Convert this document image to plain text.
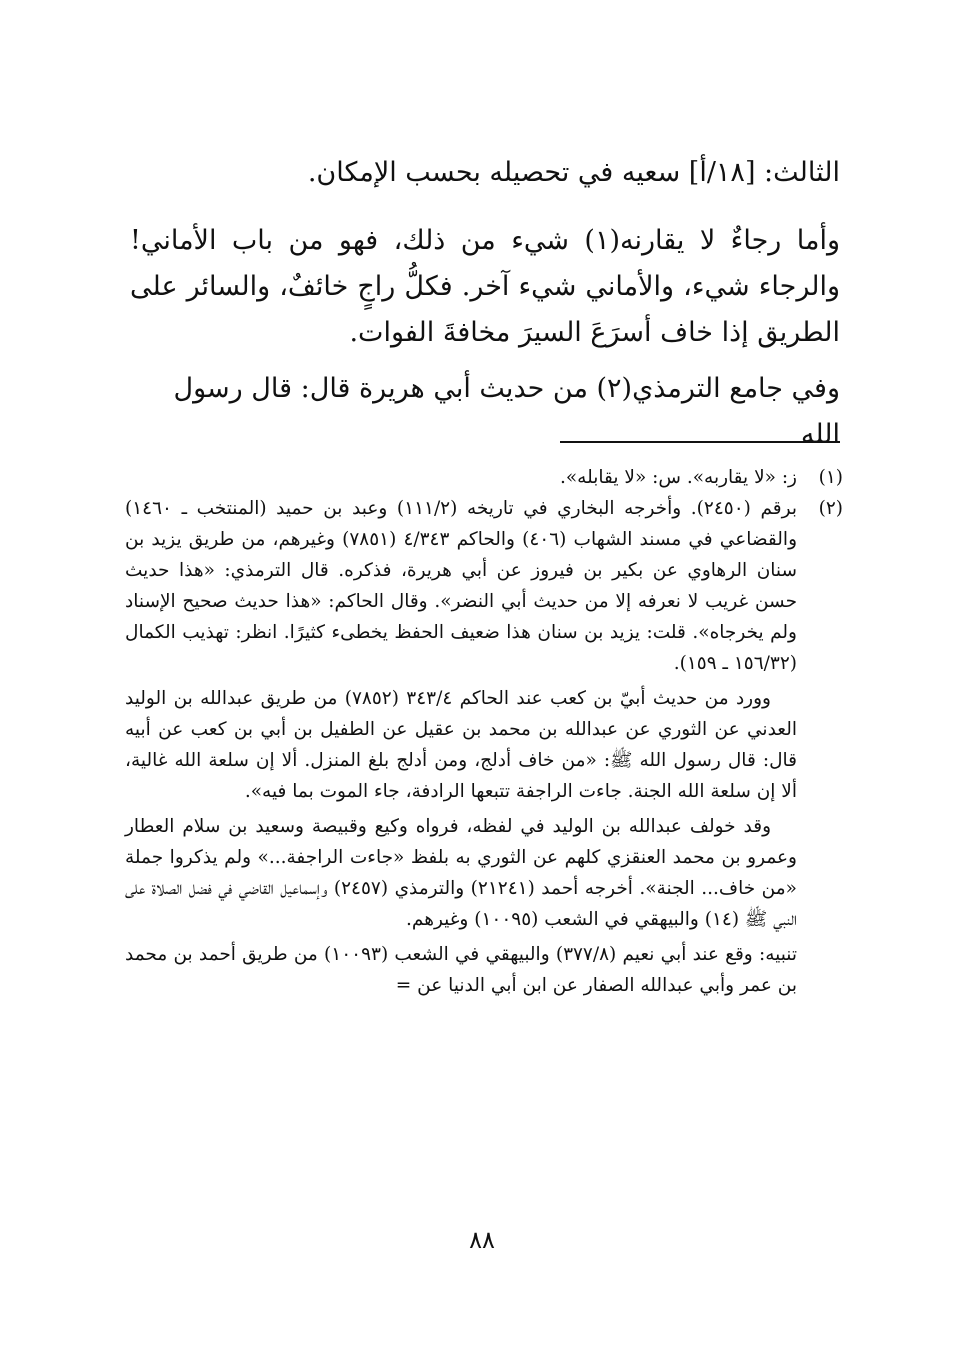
الثالث: [١٨/أ] سعيه في تحصيله بحسب الإمكان.
وأما رجاءٌ لا يقارنه(١) شيء من ذلك، فهو من باب الأماني! والرجاء شيء، والأماني شيء آخر. فكلُّ راجٍ خائفٌ، والسائر على الطريق إذا خاف أسرَعَ السيرَ مخافةَ الفوات.
وفي جامع الترمذي(٢) من حديث أبي هريرة قال: قال رسول الله
(١)
ز: «لا يقاربه». س: «لا يقابله».
(٢)
برقم (٢٤٥٠). وأخرجه البخاري في تاريخه (١١١/٢) وعبد بن حميد (المنتخب ـ ١٤٦٠) والقضاعي في مسند الشهاب (٤٠٦) والحاكم ٤/٣٤٣ (٧٨٥١) وغيرهم، من طريق يزيد بن سنان الرهاوي عن بكير بن فيروز عن أبي هريرة، فذكره. قال الترمذي: «هذا حديث حسن غريب لا نعرفه إلا من حديث أبي النضر». وقال الحاكم: «هذا حديث صحيح الإسناد ولم يخرجاه». قلت: يزيد بن سنان هذا ضعيف الحفظ يخطىء كثيرًا. انظر: تهذيب الكمال (١٥٦/٣٢ ـ ١٥٩).
وورد من حديث أبيّ بن كعب عند الحاكم ٣٤٣/٤ (٧٨٥٢) من طريق عبدالله بن الوليد العدني عن الثوري عن عبدالله بن محمد بن عقيل عن الطفيل بن أبي بن كعب عن أبيه قال: قال رسول الله ﷺ: «من خاف أدلج، ومن أدلج بلغ المنزل. ألا إن سلعة الله غالية، ألا إن سلعة الله الجنة. جاءت الراجفة تتبعها الرادفة، جاء الموت بما فيه».
وقد خولف عبدالله بن الوليد في لفظه، فرواه وكيع وقبيصة وسعيد بن سلام العطار وعمرو بن محمد العنقزي كلهم عن الثوري به بلفظ «جاءت الراجفة...» ولم يذكروا جملة «من خاف... الجنة». أخرجه أحمد (٢١٢٤١) والترمذي (٢٤٥٧) وإسماعيل القاضي في فضل الصلاة على النبي ﷺ (١٤) والبيهقي في الشعب (١٠٠٩٥) وغيرهم.
تنبيه: وقع عند أبي نعيم (٣٧٧/٨) والبيهقي في الشعب (١٠٠٩٣) من طريق أحمد بن محمد بن عمر وأبي عبدالله الصفار عن ابن أبي الدنيا عن =
٨٨
